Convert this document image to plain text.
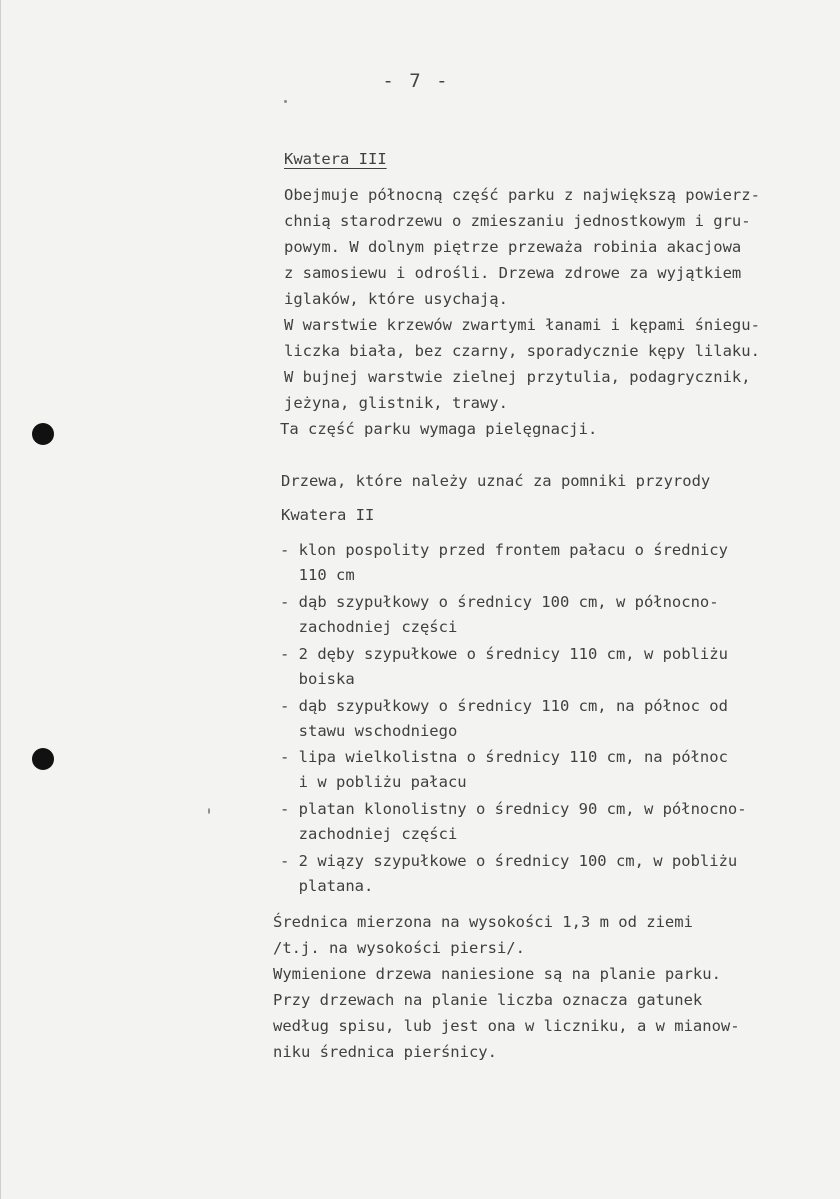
- 7 -
Kwatera III
Obejmuje północną część parku z największą powierz-
chnią starodrzewu o zmieszaniu jednostkowym i gru-
powym. W dolnym piętrze przeważa robinia akacjowa
z samosiewu i odrośli. Drzewa zdrowe za wyjątkiem
iglaków, które usychają.
W warstwie krzewów zwartymi łanami i kępami śniegu-
liczka biała, bez czarny, sporadycznie kępy lilaku.
W bujnej warstwie zielnej przytulia, podagrycznik,
jeżyna, glistnik, trawy.
Ta część parku wymaga pielęgnacji.
Drzewa, które należy uznać za pomniki przyrody
Kwatera II
- klon pospolity przed frontem pałacu o średnicy
110 cm
- dąb szypułkowy o średnicy 100 cm, w północno-
zachodniej części
- 2 dęby szypułkowe o średnicy 110 cm, w pobliżu
boiska
- dąb szypułkowy o średnicy 110 cm, na północ od
stawu wschodniego
- lipa wielkolistna o średnicy 110 cm, na północ
i w pobliżu pałacu
- platan klonolistny o średnicy 90 cm, w północno-
zachodniej części
- 2 wiązy szypułkowe o średnicy 100 cm, w pobliżu
platana.
Średnica mierzona na wysokości 1,3 m od ziemi
/t.j. na wysokości piersi/.
Wymienione drzewa naniesione są na planie parku.
Przy drzewach na planie liczba oznacza gatunek
według spisu, lub jest ona w liczniku, a w mianow-
niku średnica pierśnicy.
